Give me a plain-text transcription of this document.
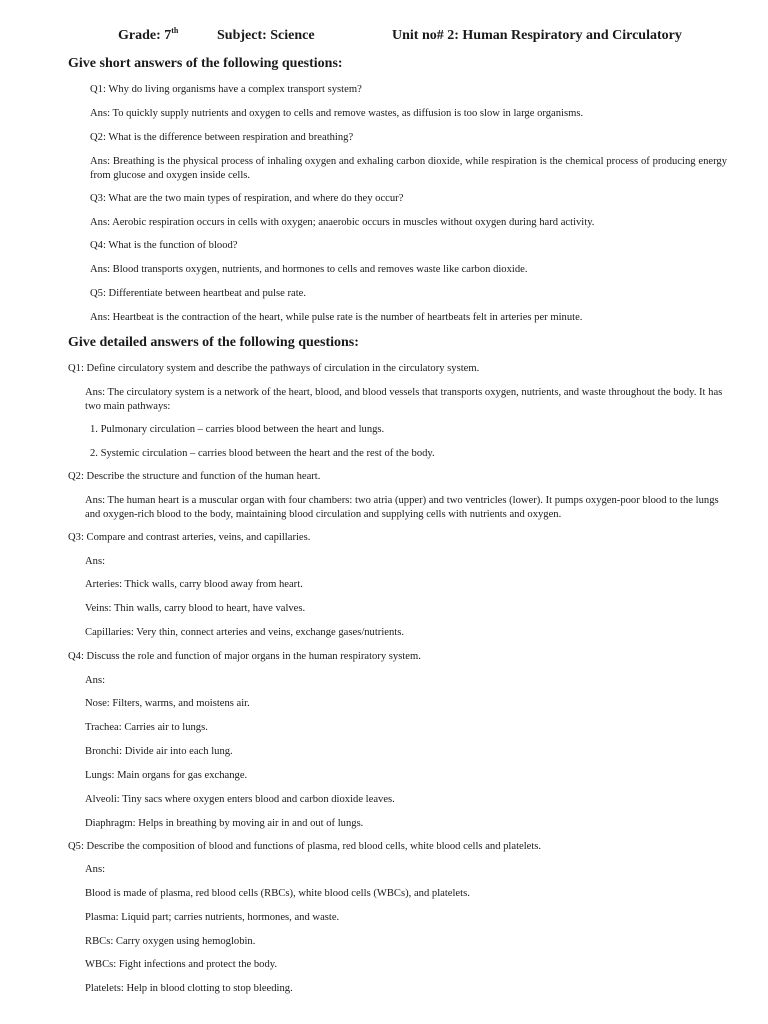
Grade: 7th	Subject: Science	Unit no# 2: Human Respiratory and Circulatory
Give short answers of the following questions:
Q1: Why do living organisms have a complex transport system?
Ans: To quickly supply nutrients and oxygen to cells and remove wastes, as diffusion is too slow in large organisms.
Q2: What is the difference between respiration and breathing?
Ans: Breathing is the physical process of inhaling oxygen and exhaling carbon dioxide, while respiration is the chemical process of producing energy from glucose and oxygen inside cells.
Q3: What are the two main types of respiration, and where do they occur?
Ans: Aerobic respiration occurs in cells with oxygen; anaerobic occurs in muscles without oxygen during hard activity.
Q4: What is the function of blood?
Ans: Blood transports oxygen, nutrients, and hormones to cells and removes waste like carbon dioxide.
Q5: Differentiate between heartbeat and pulse rate.
Ans: Heartbeat is the contraction of the heart, while pulse rate is the number of heartbeats felt in arteries per minute.
Give detailed answers of the following questions:
Q1: Define circulatory system and describe the pathways of circulation in the circulatory system.
Ans: The circulatory system is a network of the heart, blood, and blood vessels that transports oxygen, nutrients, and waste throughout the body. It has two main pathways:
1. Pulmonary circulation – carries blood between the heart and lungs.
2. Systemic circulation – carries blood between the heart and the rest of the body.
Q2: Describe the structure and function of the human heart.
Ans: The human heart is a muscular organ with four chambers: two atria (upper) and two ventricles (lower). It pumps oxygen-poor blood to the lungs and oxygen-rich blood to the body, maintaining blood circulation and supplying cells with nutrients and oxygen.
Q3: Compare and contrast arteries, veins, and capillaries.
Ans:
Arteries: Thick walls, carry blood away from heart.
Veins: Thin walls, carry blood to heart, have valves.
Capillaries: Very thin, connect arteries and veins, exchange gases/nutrients.
Q4: Discuss the role and function of major organs in the human respiratory system.
Ans:
Nose: Filters, warms, and moistens air.
Trachea: Carries air to lungs.
Bronchi: Divide air into each lung.
Lungs: Main organs for gas exchange.
Alveoli: Tiny sacs where oxygen enters blood and carbon dioxide leaves.
Diaphragm: Helps in breathing by moving air in and out of lungs.
Q5: Describe the composition of blood and functions of plasma, red blood cells, white blood cells and platelets.
Ans:
Blood is made of plasma, red blood cells (RBCs), white blood cells (WBCs), and platelets.
Plasma: Liquid part; carries nutrients, hormones, and waste.
RBCs: Carry oxygen using hemoglobin.
WBCs: Fight infections and protect the body.
Platelets: Help in blood clotting to stop bleeding.
